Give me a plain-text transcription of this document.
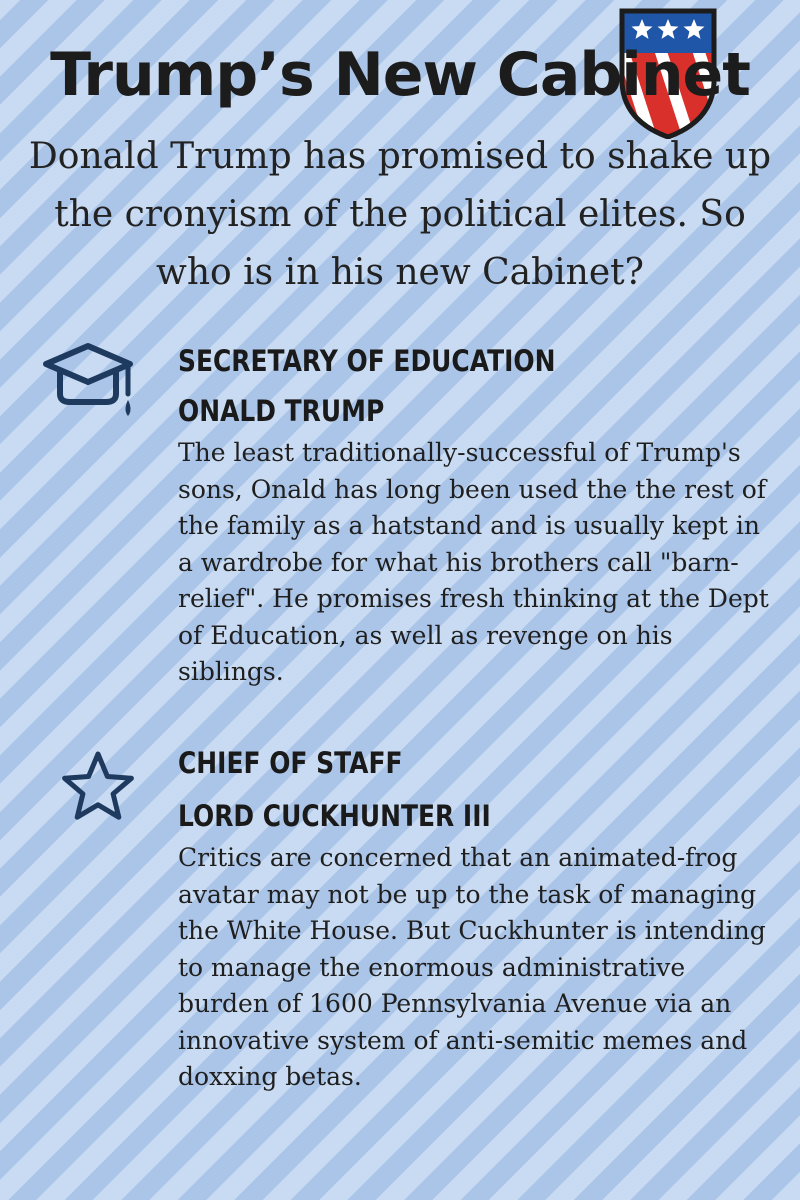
Trump’s New Cabinet

Donald Trump has promised to shake up the cronyism of the political elites. So who is in his new Cabinet?

SECRETARY OF EDUCATION
ONALD TRUMP

The least traditionally-successful of Trump's sons, Onald has long been used the the rest of the family as a hatstand and is usually kept in a wardrobe for what his brothers call "barn-relief". He promises fresh thinking at the Dept of Education, as well as revenge on his siblings.

CHIEF OF STAFF
LORD CUCKHUNTER III

Critics are concerned that an animated-frog avatar may not be up to the task of managing the White House. But Cuckhunter is intending to manage the enormous administrative burden of 1600 Pennsylvania Avenue via an innovative system of anti-semitic memes and doxxing betas.
